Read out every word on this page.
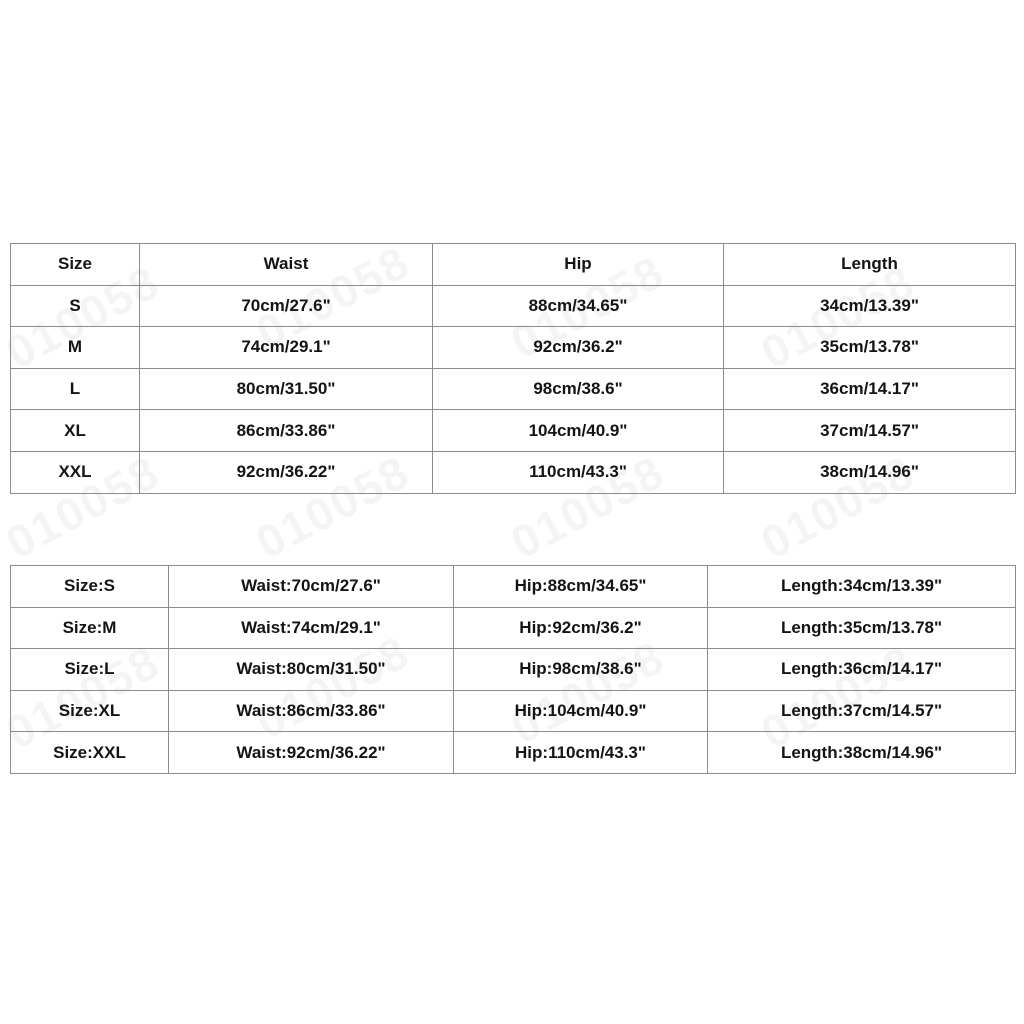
Size	Waist	Hip	Length
S	70cm/27.6"	88cm/34.65"	34cm/13.39"
M	74cm/29.1"	92cm/36.2"	35cm/13.78"
L	80cm/31.50"	98cm/38.6"	36cm/14.17"
XL	86cm/33.86"	104cm/40.9"	37cm/14.57"
XXL	92cm/36.22"	110cm/43.3"	38cm/14.96"
Size:S	Waist:70cm/27.6"	Hip:88cm/34.65"	Length:34cm/13.39"
Size:M	Waist:74cm/29.1"	Hip:92cm/36.2"	Length:35cm/13.78"
Size:L	Waist:80cm/31.50"	Hip:98cm/38.6"	Length:36cm/14.17"
Size:XL	Waist:86cm/33.86"	Hip:104cm/40.9"	Length:37cm/14.57"
Size:XXL	Waist:92cm/36.22"	Hip:110cm/43.3"	Length:38cm/14.96"
